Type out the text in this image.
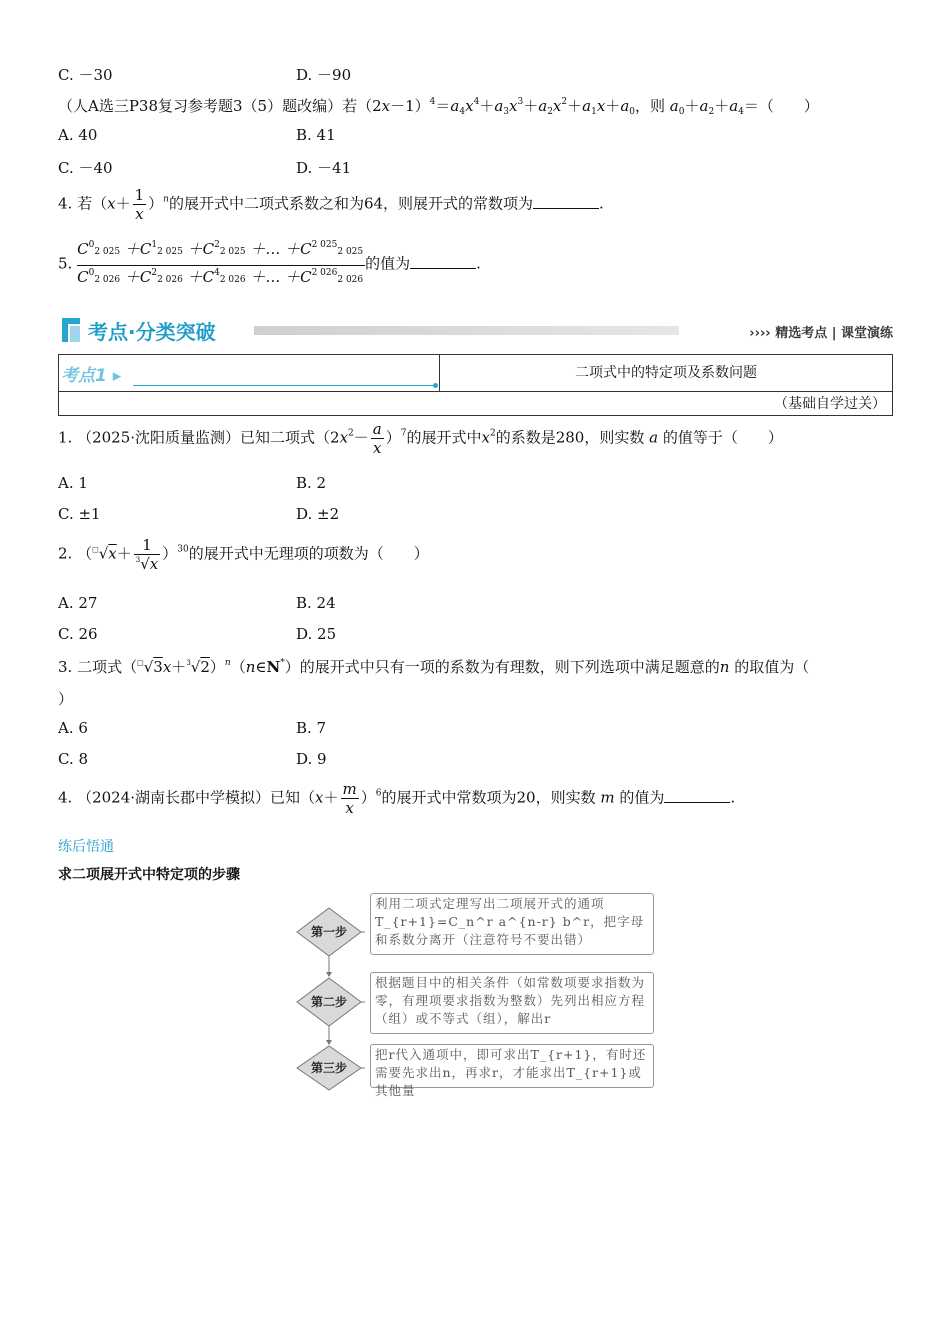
C. －30	D. －90
（人A选三P38复习参考题3（5）题改编）若$(2x-1)^4=a_4x^4+a_3x^3+a_2x^2+a_1x+a_0$，则 $a_0+a_2+a_4=$（ ）
A. 40	B. 41
C. －40	D. －41
4. 若$(x+ \frac{1}{x} )^n$的展开式中二项式系数之和为64，则展开式的常数项为	.
5. $\frac{C^02 025 +C^12 025 +C^22 025 +\dots +C^{2 025}2 025}{C^02 026 +C^22 026 +C^42 026 +\dots +C^{2 026}2 026}$ 的值为	.
考点·分类突破	›››› 精选考点 | 课堂演练
考点1 ▸	二项式中的特定项及系数问题
（基础自学过关）
1. （2025·沈阳质量监测）已知二项式$(2x^2- \frac{a}{x} )^7$的展开式中$x^2$的系数是280，则实数 a 的值等于（ ）
A. 1	B. 2
C. ±1	D. ±2
2. $(^□√x+ \frac{1}{^3√x} )^{30}$的展开式中无理项的项数为（ ）
A. 27	B. 24
C. 26	D. 25
3. 二项式$(^□√3x+^3√2)^n(n\in N^*)$的展开式中只有一项的系数为有理数，则下列选项中满足题意的n 的取值为（
）
A. 6	B. 7
C. 8	D. 9
4. （2024·湖南长郡中学模拟）已知$(x+ \frac{m}{x} )^6$的展开式中常数项为20，则实数 m 的值为	.
练后悟通
求二项展开式中特定项的步骤
第一步
第二步
第三步
利用二项式定理写出二项展开式的通项T_{r+1}=C_n^r a^{n-r} b^r，把字母和系数分离开（注意符号不要出错）
根据题目中的相关条件（如常数项要求指数为零，有理项要求指数为整数）先列出相应方程（组）或不等式（组），解出r
把r代入通项中，即可求出T_{r+1}，有时还需要先求出n，再求r，才能求出T_{r+1}或其他量
